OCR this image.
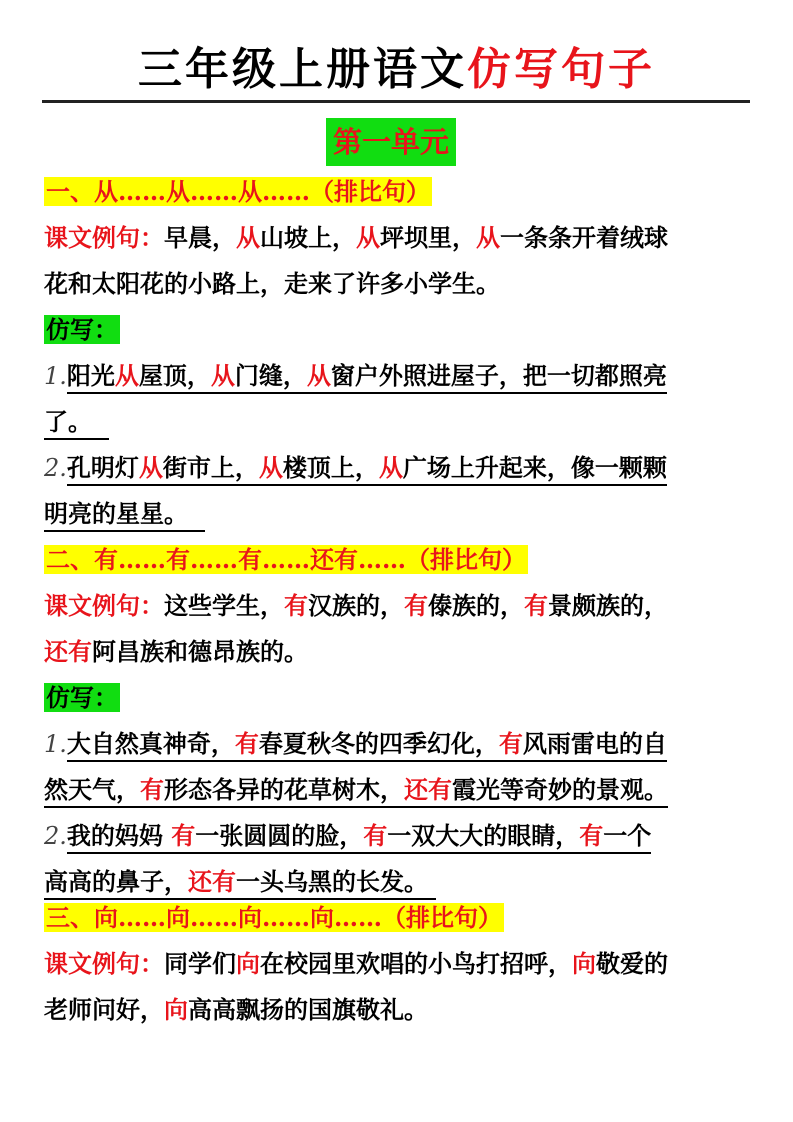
三年级上册语文仿写句子
第一单元
一、从……从……从……（排比句）
课文例句：早晨，从山坡上，从坪坝里，从一条条开着绒球
花和太阳花的小路上，走来了许多小学生。
仿写：
1.阳光从屋顶，从门缝，从窗户外照进屋子，把一切都照亮
了。
2.孔明灯从街市上，从楼顶上，从广场上升起来，像一颗颗
明亮的星星。
二、有……有……有……还有……（排比句）
课文例句：这些学生，有汉族的，有傣族的，有景颇族的，
还有阿昌族和德昂族的。
仿写：
1.大自然真神奇，有春夏秋冬的四季幻化，有风雨雷电的自
然天气，有形态各异的花草树木，还有霞光等奇妙的景观。
2.我的妈妈 有一张圆圆的脸，有一双大大的眼睛，有一个
高高的鼻子，还有一头乌黑的长发。
三、向……向……向……向……（排比句）
课文例句：同学们向在校园里欢唱的小鸟打招呼，向敬爱的
老师问好，向高高飘扬的国旗敬礼。
